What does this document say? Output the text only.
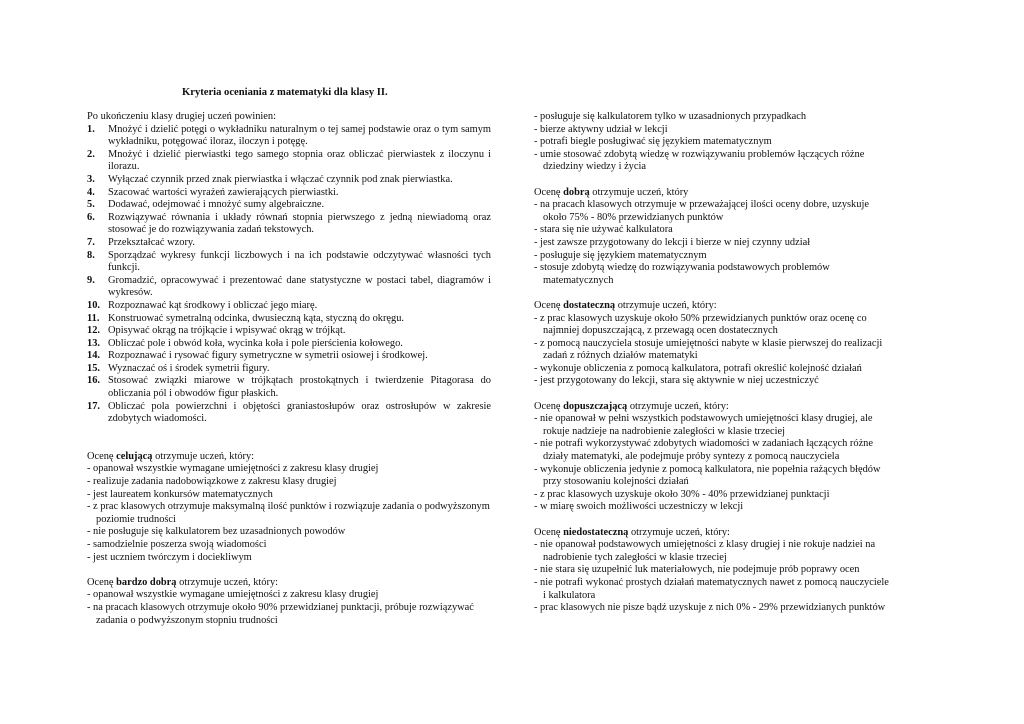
Kryteria oceniania z matematyki dla klasy II.

Po ukończeniu klasy drugiej uczeń powinien:

1.	Mnożyć i dzielić potęgi o wykładniku naturalnym o tej samej podstawie oraz o tym samym wykładniku, potęgować iloraz, iloczyn i potęgę.
2.	Mnożyć i dzielić pierwiastki tego samego stopnia oraz obliczać pierwiastek z iloczynu i ilorazu.
3.	Wyłączać czynnik przed znak pierwiastka i włączać czynnik pod znak pierwiastka.
4.	Szacować wartości wyrażeń zawierających pierwiastki.
5.	Dodawać, odejmować i mnożyć sumy algebraiczne.
6.	Rozwiązywać równania i układy równań stopnia pierwszego z jedną niewiadomą oraz stosować je do rozwiązywania zadań tekstowych.
7.	Przekształcać wzory.
8.	Sporządzać wykresy funkcji liczbowych i na ich podstawie odczytywać własności tych funkcji.
9.	Gromadzić, opracowywać i prezentować dane statystyczne w postaci tabel, diagramów i wykresów.
10. Rozpoznawać kąt środkowy i obliczać jego miarę.
11. Konstruować symetralną odcinka, dwusieczną kąta, styczną do okręgu.
12. Opisywać okrąg na trójkącie i wpisywać okrąg w trójkąt.
13. Obliczać pole i obwód koła, wycinka koła i pole pierścienia kołowego.
14. Rozpoznawać i rysować figury symetryczne w symetrii osiowej i środkowej.
15. Wyznaczać oś i środek symetrii figury.
16. Stosować związki miarowe w trójkątach prostokątnych i twierdzenie Pitagorasa do obliczania pól i obwodów figur płaskich.
17. Obliczać pola powierzchni i objętości graniastosłupów oraz ostrosłupów w zakresie zdobytych wiadomości.

Ocenę celującą otrzymuje uczeń, który:

- opanował wszystkie wymagane umiejętności z zakresu klasy drugiej
- realizuje zadania nadobowiązkowe z zakresu klasy drugiej
- jest laureatem konkursów matematycznych
- z prac klasowych otrzymuje maksymalną ilość punktów i rozwiązuje zadania o podwyższonym poziomie trudności
- nie posługuje się kalkulatorem bez uzasadnionych powodów
- samodzielnie poszerza swoją wiadomości
- jest uczniem twórczym i dociekliwym

Ocenę bardzo dobrą otrzymuje uczeń, który:

- opanował wszystkie wymagane umiejętności z zakresu klasy drugiej
- na pracach klasowych otrzymuje około 90% przewidzianej punktacji, próbuje rozwiązywać zadania o podwyższonym stopniu trudności
- posługuje się kalkulatorem tylko w uzasadnionych przypadkach
- bierze aktywny udział w lekcji
- potrafi biegle posługiwać się językiem matematycznym
- umie stosować zdobytą wiedzę w rozwiązywaniu problemów łączących różne dziedziny wiedzy i życia

Ocenę dobrą otrzymuje uczeń, który

- na pracach klasowych otrzymuje w przeważającej ilości oceny dobre, uzyskuje około 75% - 80% przewidzianych punktów
- stara się nie używać kalkulatora
- jest zawsze przygotowany do lekcji i bierze w niej czynny udział
- posługuje się językiem matematycznym
- stosuje zdobytą wiedzę do rozwiązywania podstawowych problemów matematycznych

Ocenę dostateczną otrzymuje uczeń, który:

- z prac klasowych uzyskuje około 50% przewidzianych punktów oraz ocenę co najmniej dopuszczającą, z przewagą ocen dostatecznych
- z pomocą nauczyciela stosuje umiejętności nabyte w klasie pierwszej do realizacji zadań z różnych działów matematyki
- wykonuje obliczenia z pomocą kalkulatora, potrafi określić kolejność działań
- jest przygotowany do lekcji, stara się aktywnie w niej uczestniczyć

Ocenę dopuszczającą otrzymuje uczeń, który:

- nie opanował w pełni wszystkich podstawowych umiejętności klasy drugiej, ale rokuje nadzieje na nadrobienie zaległości w klasie trzeciej
- nie potrafi wykorzystywać zdobytych wiadomości w zadaniach łączących różne działy matematyki, ale podejmuje próby syntezy z pomocą nauczyciela
- wykonuje obliczenia jedynie z pomocą kalkulatora, nie popełnia rażących błędów przy stosowaniu kolejności działań
- z prac klasowych uzyskuje około 30% - 40% przewidzianej punktacji
- w miarę swoich możliwości uczestniczy w lekcji

Ocenę niedostateczną otrzymuje uczeń, który:

- nie opanował podstawowych umiejętności z klasy drugiej i nie rokuje nadziei na nadrobienie tych zaległości w klasie trzeciej
- nie stara się uzupełnić luk materiałowych, nie podejmuje prób poprawy ocen
- nie potrafi wykonać prostych działań matematycznych nawet z pomocą nauczyciele i kalkulatora
- prac klasowych nie pisze bądź uzyskuje z nich 0% - 29% przewidzianych punktów
